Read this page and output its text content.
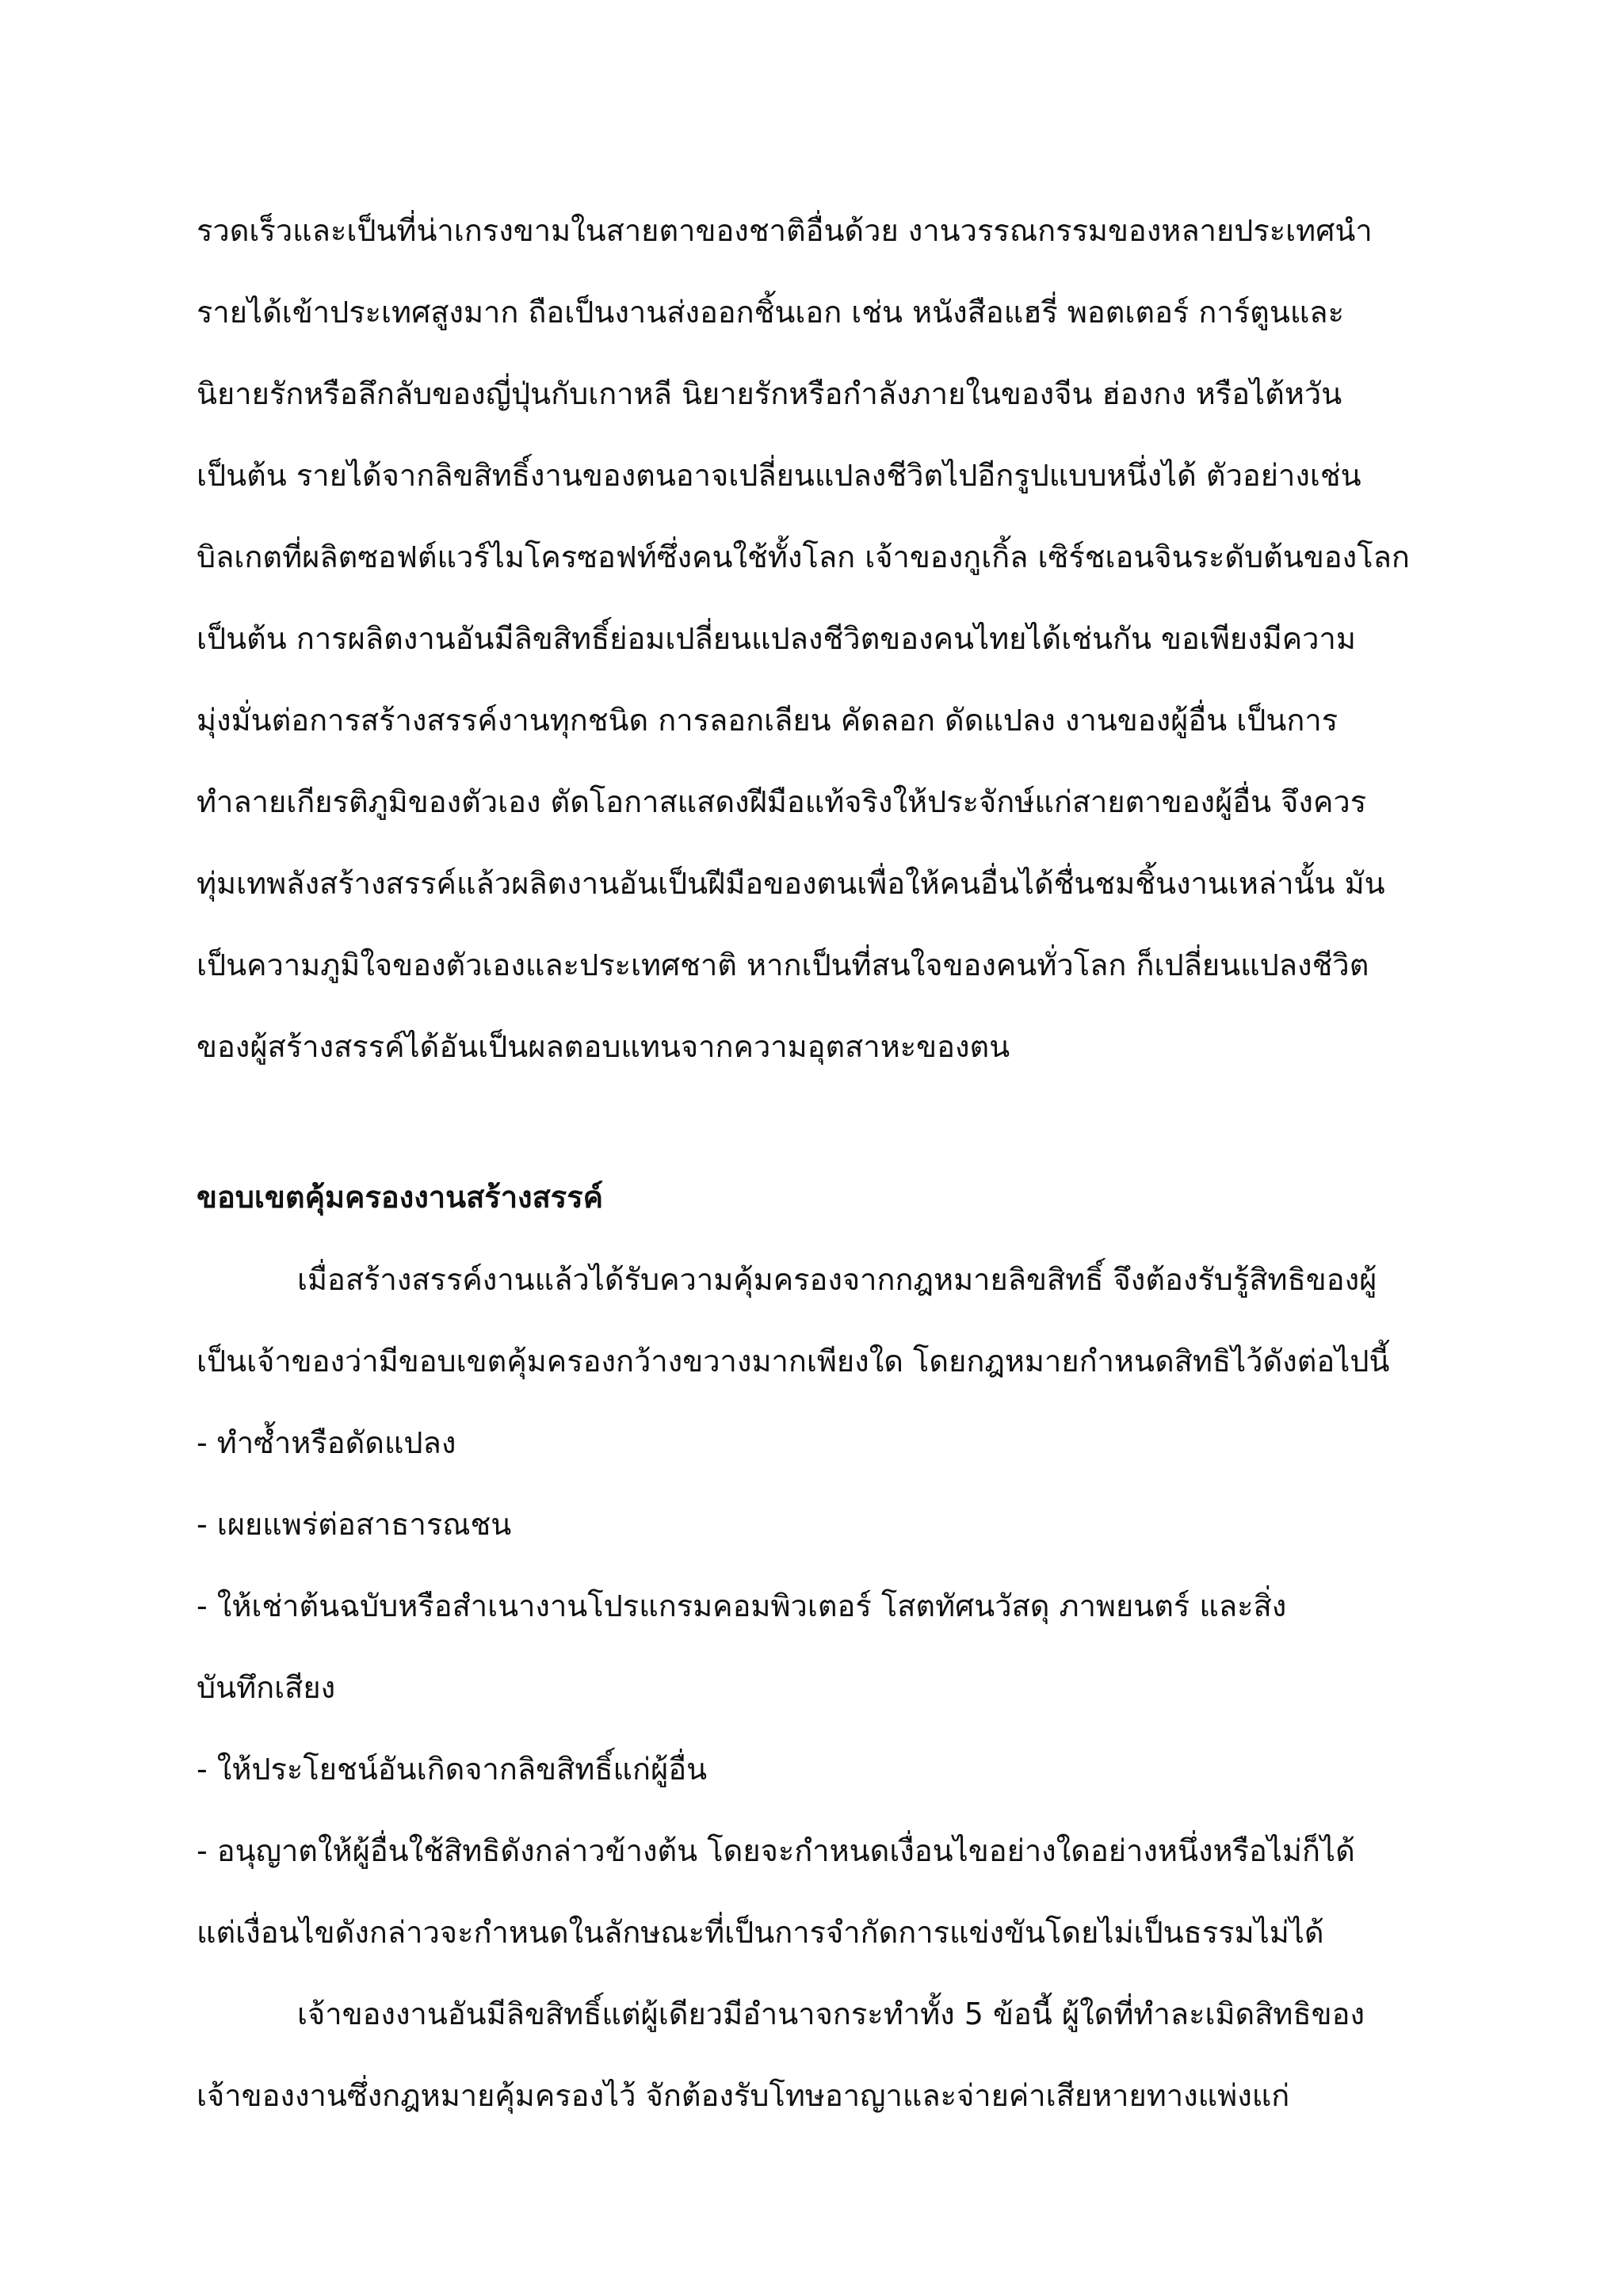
รวดเร็วและเป็นที่น่าเกรงขามในสายตาของชาติอื่นด้วย งานวรรณกรรมของหลายประเทศนำ
รายได้เข้าประเทศสูงมาก ถือเป็นงานส่งออกชิ้นเอก เช่น หนังสือแฮรี่ พอตเตอร์ การ์ตูนและ
นิยายรักหรือลึกลับของญี่ปุ่นกับเกาหลี นิยายรักหรือกำลังภายในของจีน ฮ่องกง หรือไต้หวัน
เป็นต้น รายได้จากลิขสิทธิ์งานของตนอาจเปลี่ยนแปลงชีวิตไปอีกรูปแบบหนึ่งได้ ตัวอย่างเช่น
บิลเกตที่ผลิตซอฟต์แวร์ไมโครซอฟท์ซึ่งคนใช้ทั้งโลก เจ้าของกูเกิ้ล เซิร์ชเอนจินระดับต้นของโลก
เป็นต้น การผลิตงานอันมีลิขสิทธิ์ย่อมเปลี่ยนแปลงชีวิตของคนไทยได้เช่นกัน ขอเพียงมีความ
มุ่งมั่นต่อการสร้างสรรค์งานทุกชนิด การลอกเลียน คัดลอก ดัดแปลง งานของผู้อื่น เป็นการ
ทำลายเกียรติภูมิของตัวเอง ตัดโอกาสแสดงฝีมือแท้จริงให้ประจักษ์แก่สายตาของผู้อื่น จึงควร
ทุ่มเทพลังสร้างสรรค์แล้วผลิตงานอันเป็นฝีมือของตนเพื่อให้คนอื่นได้ชื่นชมชิ้นงานเหล่านั้น มัน
เป็นความภูมิใจของตัวเองและประเทศชาติ หากเป็นที่สนใจของคนทั่วโลก ก็เปลี่ยนแปลงชีวิต
ของผู้สร้างสรรค์ได้อันเป็นผลตอบแทนจากความอุตสาหะของตน
ขอบเขตคุ้มครองงานสร้างสรรค์
เมื่อสร้างสรรค์งานแล้วได้รับความคุ้มครองจากกฎหมายลิขสิทธิ์ จึงต้องรับรู้สิทธิของผู้
เป็นเจ้าของว่ามีขอบเขตคุ้มครองกว้างขวางมากเพียงใด โดยกฎหมายกำหนดสิทธิไว้ดังต่อไปนี้
- ทำซ้ำหรือดัดแปลง
- เผยแพร่ต่อสาธารณชน
- ให้เช่าต้นฉบับหรือสำเนางานโปรแกรมคอมพิวเตอร์ โสตทัศนวัสดุ ภาพยนตร์ และสิ่ง
บันทึกเสียง
- ให้ประโยชน์อันเกิดจากลิขสิทธิ์แก่ผู้อื่น
- อนุญาตให้ผู้อื่นใช้สิทธิดังกล่าวข้างต้น โดยจะกำหนดเงื่อนไขอย่างใดอย่างหนึ่งหรือไม่ก็ได้
แต่เงื่อนไขดังกล่าวจะกำหนดในลักษณะที่เป็นการจำกัดการแข่งขันโดยไม่เป็นธรรมไม่ได้
เจ้าของงานอันมีลิขสิทธิ์แต่ผู้เดียวมีอำนาจกระทำทั้ง 5 ข้อนี้ ผู้ใดที่ทำละเมิดสิทธิของ
เจ้าของงานซึ่งกฎหมายคุ้มครองไว้ จักต้องรับโทษอาญาและจ่ายค่าเสียหายทางแพ่งแก่
